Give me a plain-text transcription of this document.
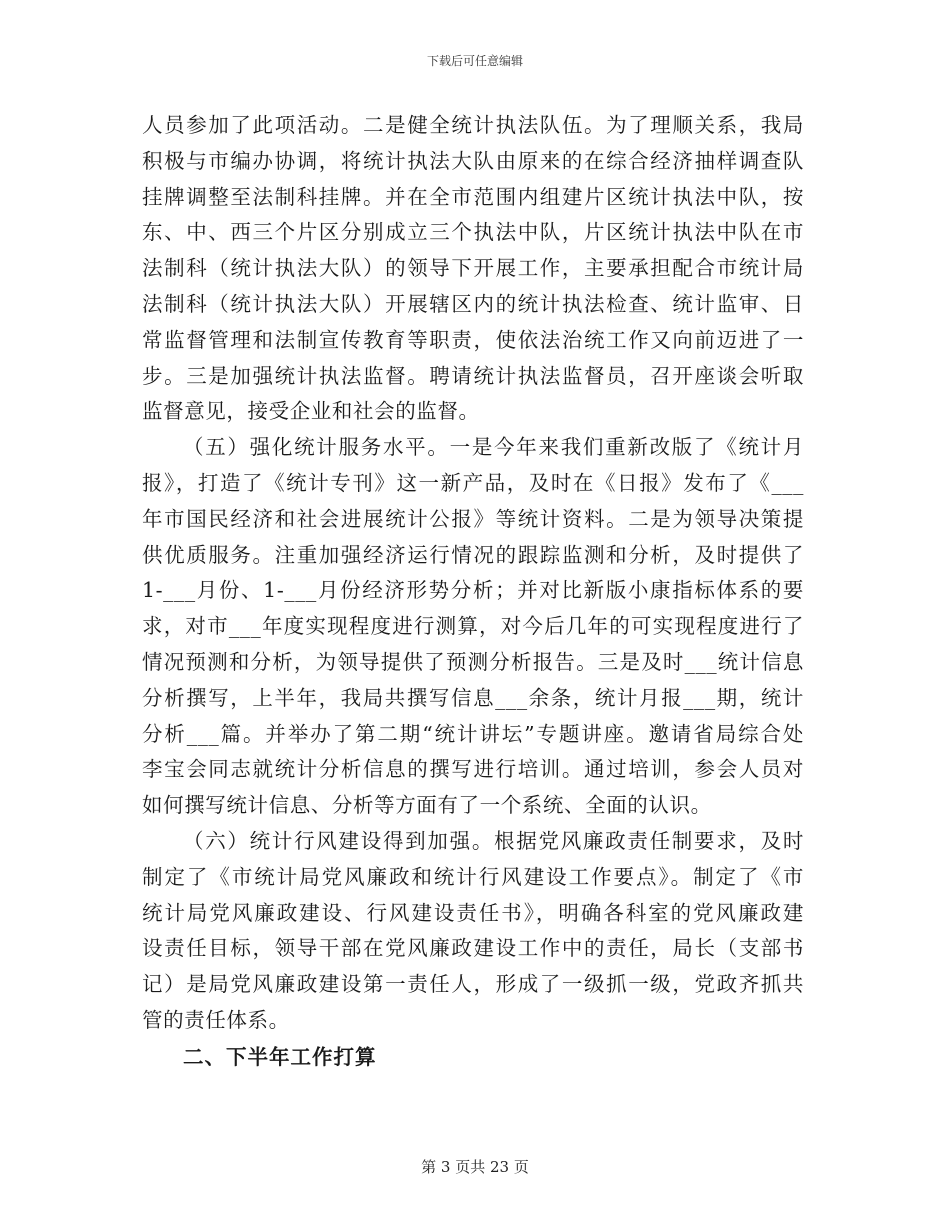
下载后可任意编辑
人员参加了此项活动。二是健全统计执法队伍。为了理顺关系，我局
积极与市编办协调，将统计执法大队由原来的在综合经济抽样调查队
挂牌调整至法制科挂牌。并在全市范围内组建片区统计执法中队，按
东、中、西三个片区分别成立三个执法中队，片区统计执法中队在市
法制科（统计执法大队）的领导下开展工作，主要承担配合市统计局
法制科（统计执法大队）开展辖区内的统计执法检查、统计监审、日
常监督管理和法制宣传教育等职责，使依法治统工作又向前迈进了一
步。三是加强统计执法监督。聘请统计执法监督员，召开座谈会听取
监督意见，接受企业和社会的监督。
（五）强化统计服务水平。一是今年来我们重新改版了《统计月
报》，打造了《统计专刊》这一新产品，及时在《日报》发布了《___
年市国民经济和社会进展统计公报》等统计资料。二是为领导决策提
供优质服务。注重加强经济运行情况的跟踪监测和分析，及时提供了
1-___月份、1-___月份经济形势分析；并对比新版小康指标体系的要
求，对市___年度实现程度进行测算，对今后几年的可实现程度进行了
情况预测和分析，为领导提供了预测分析报告。三是及时___统计信息
分析撰写，上半年，我局共撰写信息___余条，统计月报___期，统计
分析___篇。并举办了第二期“统计讲坛”专题讲座。邀请省局综合处
李宝会同志就统计分析信息的撰写进行培训。通过培训，参会人员对
如何撰写统计信息、分析等方面有了一个系统、全面的认识。
（六）统计行风建设得到加强。根据党风廉政责任制要求，及时
制定了《市统计局党风廉政和统计行风建设工作要点》。制定了《市
统计局党风廉政建设、行风建设责任书》，明确各科室的党风廉政建
设责任目标，领导干部在党风廉政建设工作中的责任，局长（支部书
记）是局党风廉政建设第一责任人，形成了一级抓一级，党政齐抓共
管的责任体系。
二、下半年工作打算
第 3 页共 23 页
